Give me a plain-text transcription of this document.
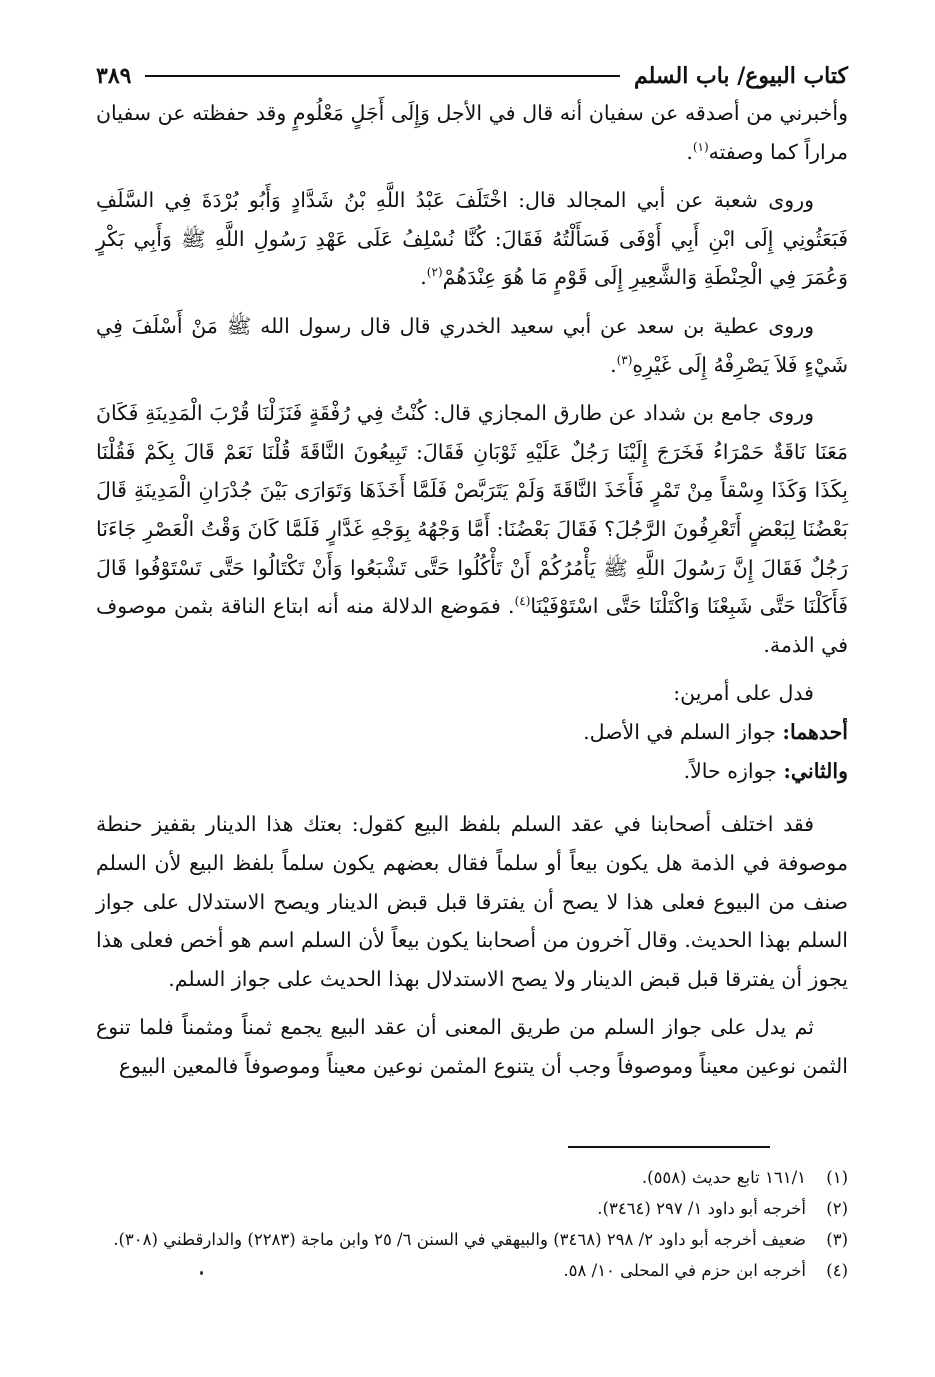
كتاب البيوع/ باب السلم
٣٨٩

وأخبرني من أصدقه عن سفيان أنه قال في الأجل وَإِلَى أَجَلٍ مَعْلُومٍ وقد حفظته عن سفيان مراراً كما وصفته$^{(١)}$.

وروى شعبة عن أبي المجالد قال: اخْتَلَفَ عَبْدُ اللَّهِ بْنُ شَدَّادٍ وَأَبُو بُرْدَةَ فِي السَّلَفِ فَبَعَثُونِي إِلَى ابْنِ أَبِي أَوْفَى فَسَأَلْتُهُ فَقَالَ: كُنَّا نُسْلِفُ عَلَى عَهْدِ رَسُولِ اللَّهِ ﷺ وَأَبِي بَكْرٍ وَعُمَرَ فِي الْحِنْطَةِ وَالشَّعِيرِ إِلَى قَوْمٍ مَا هُوَ عِنْدَهُمْ$^{(٢)}$.

وروى عطية بن سعد عن أبي سعيد الخدري قال قال رسول الله ﷺ مَنْ أَسْلَفَ فِي شَيْءٍ فَلاَ يَصْرِفْهُ إِلَى غَيْرِهِ$^{(٣)}$.

وروى جامع بن شداد عن طارق المجازي قال: كُنْتُ فِي رُفْقَةٍ فَنَزَلْنَا قُرْبَ الْمَدِينَةِ فَكَانَ مَعَنَا نَاقَةٌ حَمْرَاءُ فَخَرَجَ إِلَيْنَا رَجُلٌ عَلَيْهِ ثَوْبَانِ فَقَالَ: تَبِيعُونَ النَّاقَةَ قُلْنَا نَعَمْ قَالَ بِكَمْ فَقُلْنَا بِكَذَا وَكَذَا وِسْقاً مِنْ تَمْرٍ فَأَخَذَ النَّاقَةَ وَلَمْ يَتَرَبَّصْ فَلَمَّا أَخَذَهَا وَتَوَارَى بَيْنَ جُدْرَانِ الْمَدِينَةِ قَالَ بَعْضُنَا لِبَعْضٍ أَتَعْرِفُونَ الرَّجُلَ؟ فَقَالَ بَعْضُنَا: أَمَّا وَجْهُهُ بِوَجْهِ غَدَّارٍ فَلَمَّا كَانَ وَقْتُ الْعَصْرِ جَاءَنَا رَجُلٌ فَقَالَ إِنَّ رَسُولَ اللَّهِ ﷺ يَأْمُرُكُمْ أَنْ تَأْكُلُوا حَتَّى تَشْبَعُوا وَأَنْ تَكْتَالُوا حَتَّى تَسْتَوْفُوا قَالَ فَأَكَلْنَا حَتَّى شَبِعْنَا وَاكْتَلْنَا حَتَّى اسْتَوْفَيْنَا$^{(٤)}$. فمَوضع الدلالة منه أنه ابتاع الناقة بثمن موصوف في الذمة.

فدل على أمرين:

أحدهما: جواز السلم في الأصل.

والثاني: جوازه حالاً.

فقد اختلف أصحابنا في عقد السلم بلفظ البيع كقول: بعتك هذا الدينار بقفيز حنطة موصوفة في الذمة هل يكون بيعاً أو سلماً فقال بعضهم يكون سلماً بلفظ البيع لأن السلم صنف من البيوع فعلى هذا لا يصح أن يفترقا قبل قبض الدينار ويصح الاستدلال على جواز السلم بهذا الحديث. وقال آخرون من أصحابنا يكون بيعاً لأن السلم اسم هو أخص فعلى هذا يجوز أن يفترقا قبل قبض الدينار ولا يصح الاستدلال بهذا الحديث على جواز السلم.

ثم يدل على جواز السلم من طريق المعنى أن عقد البيع يجمع ثمناً ومثمناً فلما تنوع الثمن نوعين معيناً وموصوفاً وجب أن يتنوع المثمن نوعين معيناً وموصوفاً فالمعين البيوع

(١)
١٦١/١ تابع حديث (٥٥٨).
(٢)
أخرجه أبو داود ١/ ٢٩٧ (٣٤٦٤).
(٣)
ضعيف أخرجه أبو داود ٢/ ٢٩٨ (٣٤٦٨) والبيهقي في السنن ٦/ ٢٥ وابن ماجة (٢٢٨٣) والدارقطني (٣٠٨).
(٤)
أخرجه ابن حزم في المحلى ١٠/ ٥٨.
